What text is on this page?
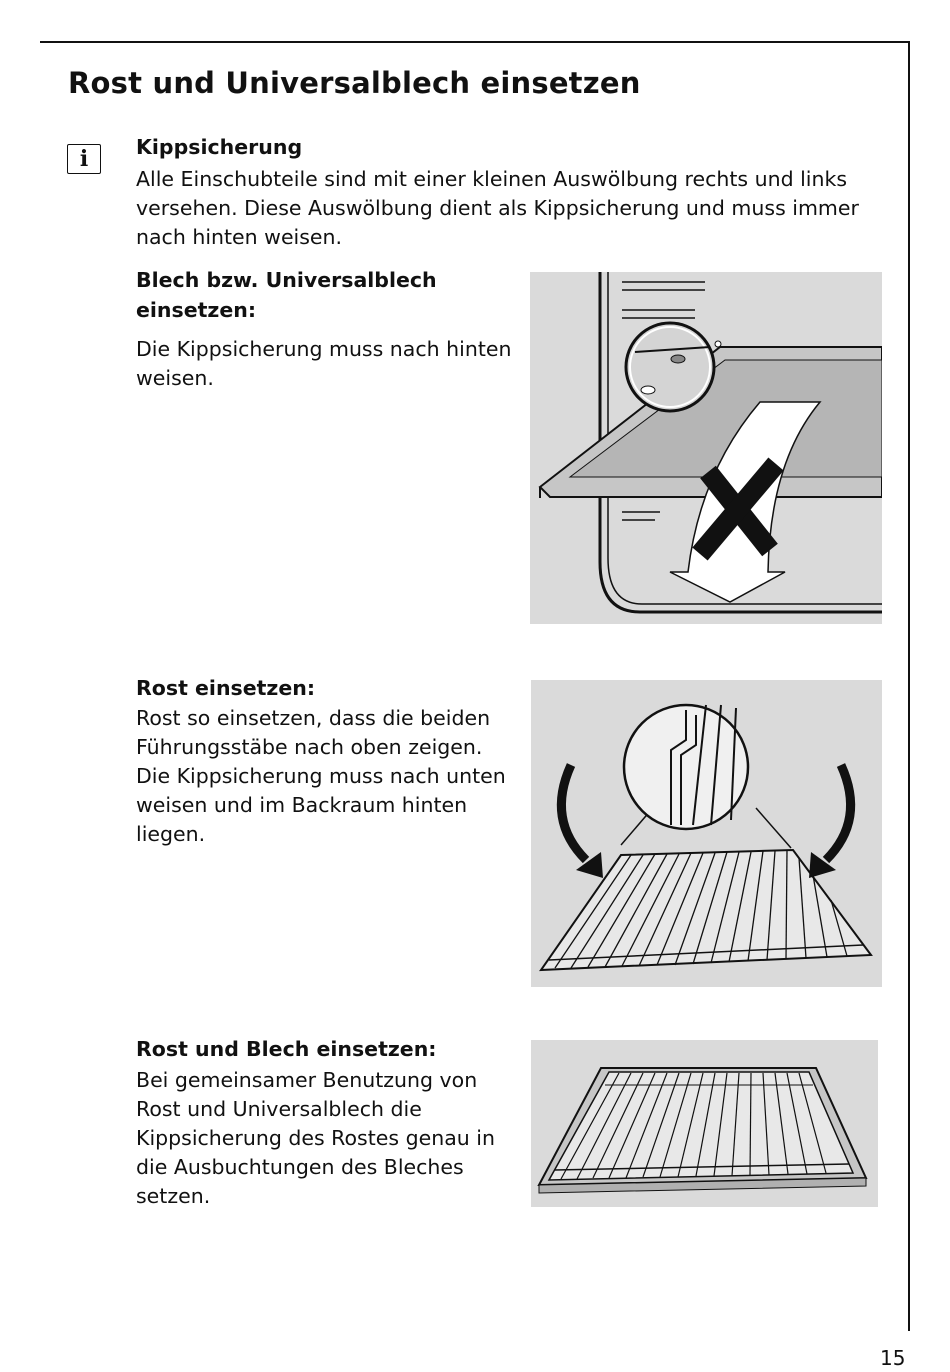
Rost und Universalblech einsetzen
i	Kippsicherung

Alle Einschubteile sind mit einer kleinen Auswölbung rechts und links versehen. Diese Auswölbung dient als Kippsicherung und muss immer nach hinten weisen.

Blech bzw. Universalblech einsetzen:

Die Kippsicherung muss nach hinten weisen.

Rost einsetzen:

Rost so einsetzen, dass die beiden Führungsstäbe nach oben zeigen. Die Kippsicherung muss nach unten weisen und im Backraum hinten liegen.

Rost und Blech einsetzen:

Bei gemeinsamer Benutzung von Rost und Universalblech die Kippsicherung des Rostes genau in die Ausbuchtungen des Bleches setzen.

15
